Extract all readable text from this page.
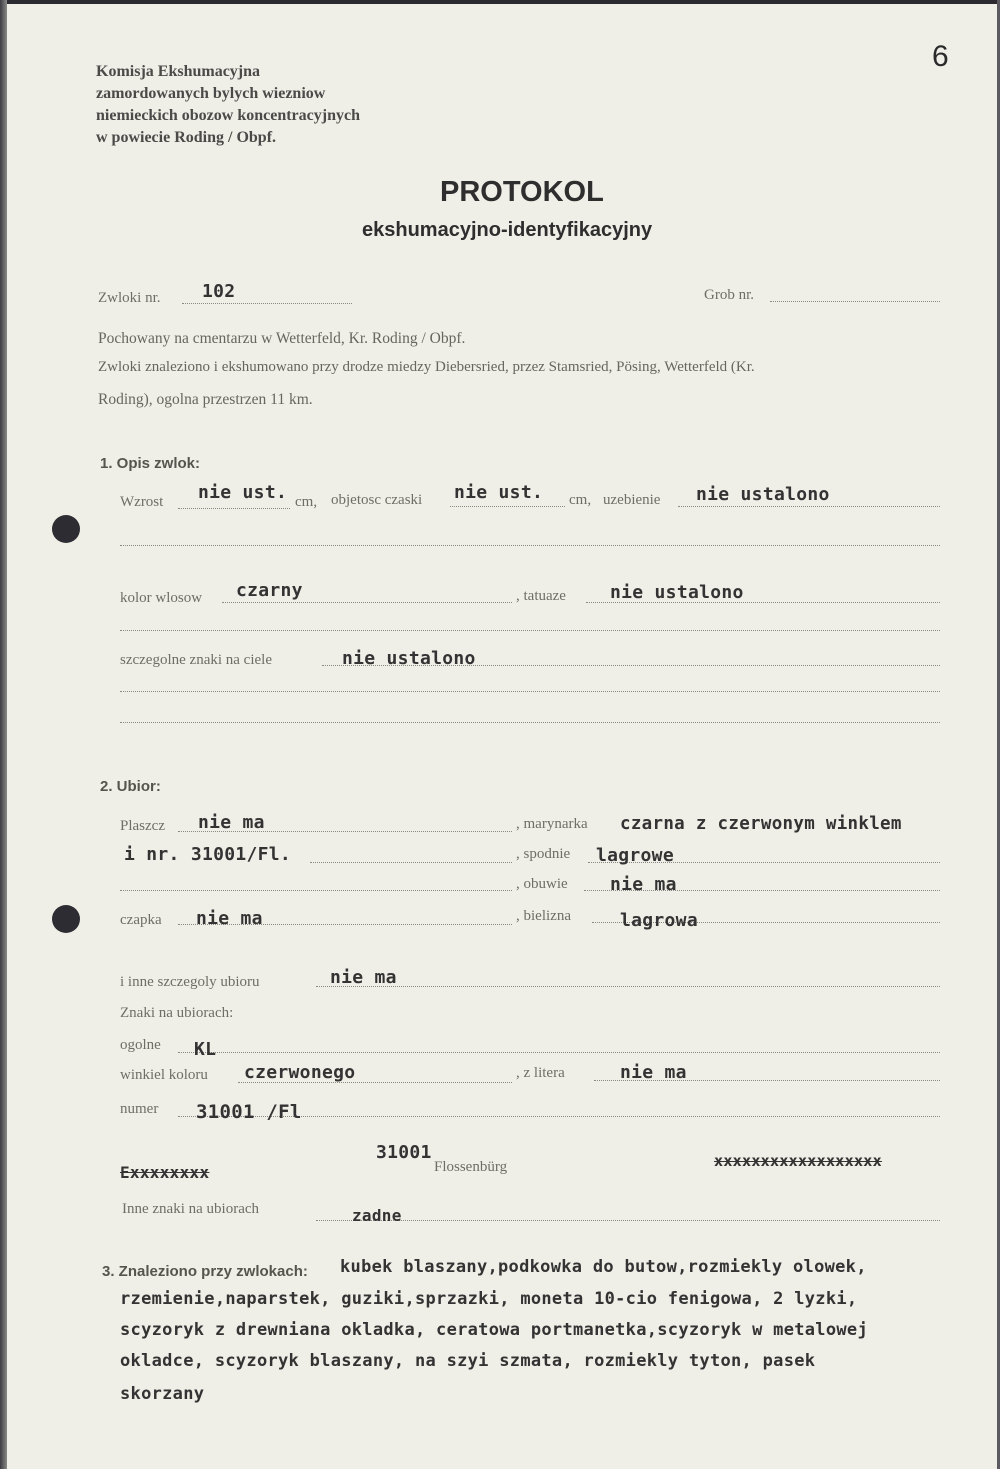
6
Komisja Ekshumacyjna
zamordowanych bylych wiezniow
niemieckich obozow koncentracyjnych
w powiecie Roding / Obpf.
PROTOKOL
ekshumacyjno-identyfikacyjny
Zwloki nr. 102	Grob nr.
Pochowany na cmentarzu w Wetterfeld, Kr. Roding / Obpf.
Zwloki znaleziono i ekshumowano przy drodze miedzy Diebersried, przez Stamsried, Pösing, Wetterfeld (Kr.
Roding), ogolna przestrzen 11 km.
1. Opis zwlok:
Wzrost nie ust. cm, objetosc czaski nie ust. cm, uzebienie nie ustalono
kolor wlosow czarny	, tatuaze nie ustalono
szczegolne znaki na ciele	nie ustalono
2. Ubior:
Plaszcz nie ma	, marynarka czarna z czerwonym winklem
i nr. 31001/Fl.	, spodnie lagrowe
, obuwie nie ma
czapka nie ma	, bielizna	lagrowa
i inne szczegoly ubioru	nie ma
Znaki na ubiorach:
ogolne KL
winkiel koloru czerwonego	, z litera	nie ma
numer 31001 /Fl
Exxxxxxxx
31001
Flossenbürg	xxxxxxxxxxxxxxxxxx
Inne znaki na ubiorach	zadne
3. Znaleziono przy zwlokach: kubek blaszany,podkowka do butow,rozmiekly olowek,
rzemienie,naparstek, guziki,sprzazki, moneta 10-cio fenigowa, 2 lyzki,
scyzoryk z drewniana okladka, ceratowa portmanetka,scyzoryk w metalowej
okladce, scyzoryk blaszany, na szyi szmata, rozmiekly tyton, pasek
skorzany
